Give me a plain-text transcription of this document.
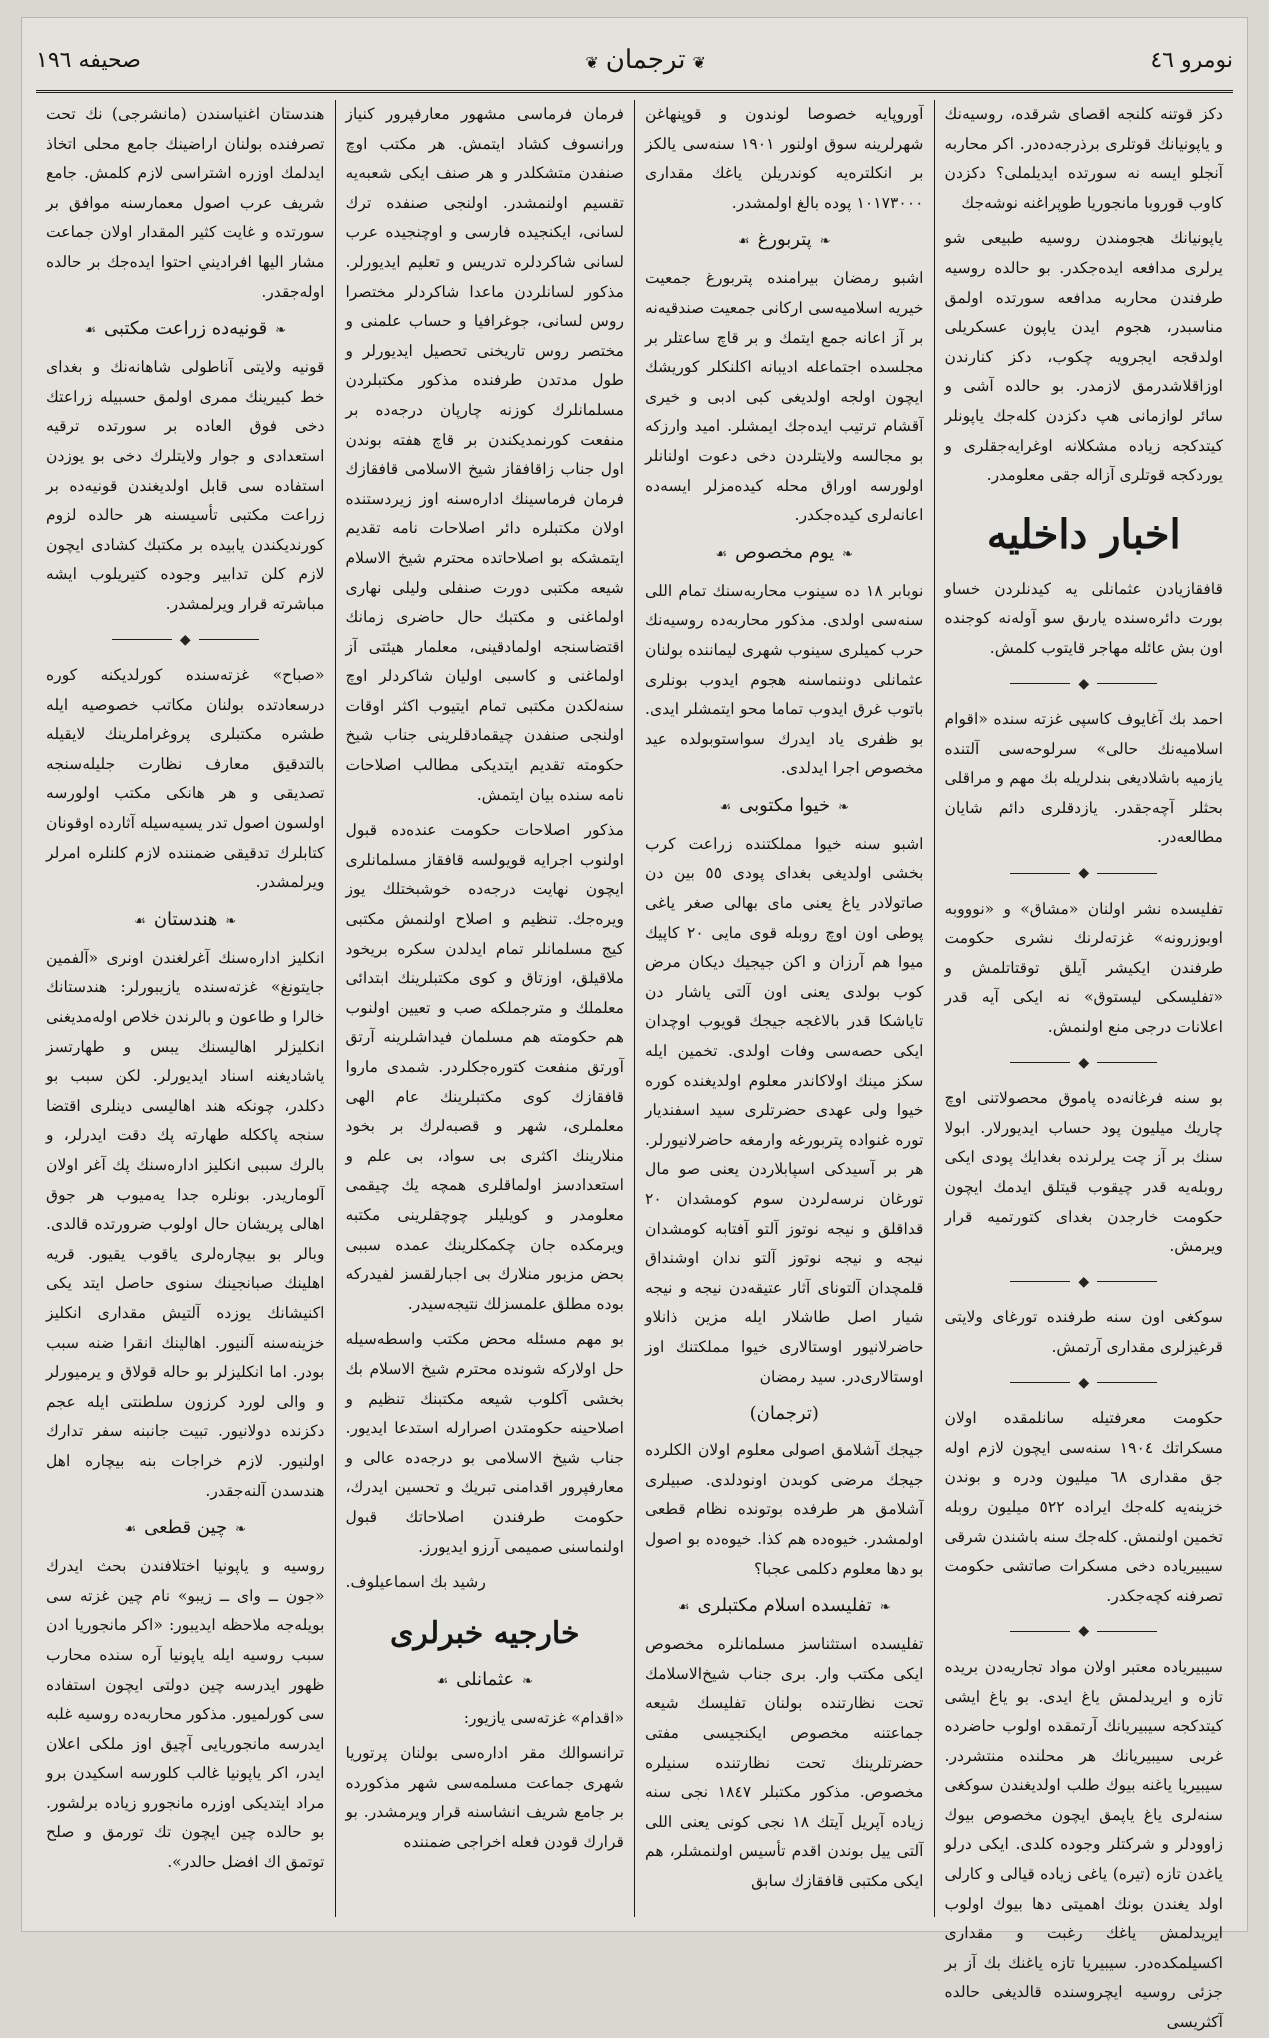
نومرو ٤٦
❦ ترجمان ❦
صحيفه ١٩٦

دكز قوتنه كلنجه اقصاى شرقده، روسيه‌نك و ياپونيانك قوتلرى برذرجه‌ده‌در. اكر محاربه آنجلو ايسه نه سورتده ايديلملى؟ دكزدن كاوب قوروبا مانجوريا طوپراغنه نوشه‌جك

ياپونيانك هجومندن روسيه طبيعى شو يرلرى مدافعه ايده‌جكدر. بو حالده روسيه طرفندن محاربه مدافعه سورتده اولمق مناسبدر، هجوم ايدن ياپون عسكريلى اولدقجه ايجرويه چكوب، دكز كنارندن اوزاقلاشدرمق لازمدر. بو حالده آشى و سائر لوازمانى هپ دكزدن كله‌جك ياپونلر كيتدكجه زياده مشكلانه اوغرايه‌جقلرى و يوردكجه قوتلرى آزاله جقى معلومدر.

اخبار داخليه

قافقازيادن عثمانلى يه كيدنلردن خساو بورت دائره‌سنده يارىق سو آوله‌نه كوجنده اون بش عائله مهاجر قايتوب كلمش.

◆

احمد بك آغايوف كاسپى غزته سنده «اقوام اسلاميه‌نك حالى» سرلوحه‌سى آلتنده يازميه باشلاديغى بندلريله بك مهم و مراقلى بحثلر آچه‌جقدر. يازدقلرى دائم شايان مطالعه‌در.

◆

تفليسده نشر اولنان «مشاق» و «نوووبه اوبوزرونه» غزته‌لرنك نشرى حكومت طرفندن ايكيشر آيلق توقتاتلمش و «تفليسكى ليستوق» نه ايكى آيه قدر اعلانات درجى منع اولنمش.

◆

بو سنه فرغانه‌ده پاموق محصولاتنى اوچ چاريك ميليون پود حساب ايديورلار. ابولا سنك بر آز چت يرلرنده بغدايك پودى ايكى روبله‌يه قدر چيقوب قيتلق ايدمك ايچون حكومت خارجدن بغداى كتورتميه قرار ويرمش.

◆

سوكغى اون سنه طرفنده تورغاى ولايتى قرغيزلرى مقدارى آرتمش.

◆

حكومت معرفتيله سانلمقده اولان مسكراتك ١٩٠٤ سنه‌سى ايچون لازم اوله جق مقدارى ٦٨ ميليون ودره و بوندن خزينه‌يه كله‌جك ايراده ٥٢٢ ميليون روبله تخمين اولنمش. كله‌جك سنه باشندن شرقى سيبيرياده دخى مسكرات صاتشى حكومت تصرفنه كچه‌جكدر.

◆

سيبيرياده معتبر اولان مواد تجاريه‌دن بريده تازه و ايريدلمش ياغ ايدى. بو ياغ ايشى كيتدكجه سيبيريانك آرتمقده اولوب حاضرده غربى سيبيريانك هر محلنده منتشردر. سيبيريا ياغنه بيوك طلب اولديغندن سوكغى سنه‌لرى ياغ ياپمق ايچون مخصوص بيوك زاوودلر و شركتلر وجوده كلدى. ايكى درلو ياغدن تازه (تيره) ياغى زياده قيالى و كارلى اولد يغندن بونك اهميتى دها بيوك اولوب ايريدلمش ياغك رغبت و مقدارى اكسيلمكده‌در. سيبيريا تازه ياغنك بك آز بر جزئى روسيه ايچروسنده قالديغى حالده آكثريسى

آوروپايه خصوصا لوندون و قوپنهاغن شهرلرينه سوق اولنور ١٩٠١ سنه‌سى يالكز بر انكلتره‌يه كوندريلن ياغك مقدارى ١٠١٧٣٠٠٠ پوده بالغ اولمشدر.

❧پتربورغ☙

اشبو رمضان بيرامنده پتربورغ جمعيت خيريه اسلاميه‌سى اركانى جمعيت صندقيه‌نه بر آز اعانه جمع ايتمك و بر قاچ ساعتلر بر مجلسده اجتماعله اديبانه اكلنكلر كوريشك ايچون اولجه اولديغى كبى ادبى و خيرى آقشام ترتيب ايده‌جك ايمشلر. اميد وارزكه بو مجالسه ولايتلردن دخى دعوت اولنانلر اولورسه اوراق محله كيده‌مزلر ايسه‌ده اعانه‌لرى كيده‌جكدر.

❧يوم مخصوص☙

نوبابر ١٨ ده سينوب محاربه‌سنك تمام اللى سنه‌سى اولدى. مذكور محاربه‌ده روسيه‌نك حرب كميلرى سينوب شهرى ليماننده بولنان عثمانلى دوننماسنه هجوم ايدوب بونلرى باتوب غرق ايدوب تماما محو ايتمشلر ايدى. بو ظفرى ياد ايدرك سواستوبولده عيد مخصوص اجرا ايدلدى.

❧خيوا مكتوبى☙

اشبو سنه خيوا مملكتنده زراعت كرب بخشى اولديغى بغداى پودى ٥٥ بين دن صاتولادر ياغ يعنى ماى بهالى صغر ياغى پوطى اون اوچ روبله قوى مايى ٢٠ كاپيك ميوا هم آرزان و اكن جيجيك ديكان مرض كوب بولدى يعنى اون آلتى ياشار دن تاياشكا قدر بالاغجه جيجك قويوب اوچدان ايكى حصه‌سى وفات اولدى. تخمين ايله سكز مينك اولاكاندر معلوم اولديغنده كوره خيوا ولى عهدى حضرتلرى سيد اسفنديار توره غنواده پتربورغه وارمغه حاضرلانيورلر. هر بر آسيدكى اسپابلاردن يعنى صو مال تورغان نرسه‌لردن سوم كومشدان ٢٠ قداقلق و نيجه نوتوز آلتو آفتابه كومشدان نيجه و نيجه نوتوز آلتو ندان اوشنداق قلمچدان آلتوناى آثار عتيقه‌دن نيجه و نيجه شيار اصل طاشلار ايله مزين ذانلاو حاضرلانيور اوستالارى خيوا مملكتنك اوز اوستالارى‌در. سيد رمضان

(ترجمان)

جيجك آشلامق اصولى معلوم اولان الكلرده جيجك مرضى كوبدن اونودلدى. صبيلرى آشلامق هر طرفده بوتونده نظام قطعى اولمشدر. خيوه‌ده هم كذا. خيوه‌ده بو اصول بو دها معلوم دكلمى عجبا؟

❧تفليسده اسلام مكتبلرى☙

تفليسده استثناسز مسلمانلره مخصوص ايكى مكتب وار. برى جناب شيخ‌الاسلامك تحت نظارتنده بولنان تفليسك شيعه جماعتنه مخصوص ايكنجيسى مفتى حضرتلرينك تحت نظارتنده سنيلره مخصوص. مذكور مكتبلر ١٨٤٧ نجى سنه زياده آپريل آيتك ١٨ نجى كونى يعنى اللى آلتى ييل بوندن اقدم تأسيس اولنمشلر، هم ايكى مكتبى قافقازك سابق

فرمان فرماسى مشهور معارفپرور كنياز ورانسوف كشاد ايتمش. هر مكتب اوچ صنفدن متشكلدر و هر صنف ايكى شعبه‌يه تقسيم اولنمشدر. اولنجى صنفده ترك لسانى، ايكنجيده فارسى و اوچنجيده عرب لسانى شاكردلره تدريس و تعليم ايديورلر. مذكور لسانلردن ماعدا شاكردلر مختصرا روس لسانى، جوغرافيا و حساب علمنى و مختصر روس تاريخنى تحصيل ايديورلر و طول مدتدن طرفنده مذكور مكتبلردن مسلمانلرك كوزنه چارپان درجه‌ده بر منفعت كورنمديكندن بر قاچ هفته بوندن اول جناب زاقافقاز شيخ الاسلامى قافقازك فرمان فرماسينك اداره‌سنه اوز زيردستنده اولان مكتبلره دائر اصلاحات نامه تقديم ايتمشكه بو اصلاحاتده محترم شيخ الاسلام شيعه مكتبى دورت صنفلى وليلى نهارى اولماغنى و مكتبك حال حاضرى زمانك اقتضاسنجه اولمادقينى، معلمار هيئتى آز اولماغنى و كاسبى اوليان شاكردلر اوچ سنه‌لكدن مكتبى تمام ايتيوب اكثر اوقات اولنجى صنفدن چيقمادقلرينى جناب شيخ حكومته تقديم ايتديكى مطالب اصلاحات نامه سنده بيان ايتمش.

مذكور اصلاحات حكومت عنده‌ده قبول اولنوب اجرايه قويولسه قافقاز مسلمانلرى ايچون نهايت درجه‌ده خوشبختلك يوز ويره‌جك. تنظيم و اصلاح اولنمش مكتبى كيج مسلمانلر تمام ايدلدن سكره بريخود ملاقيلق، اوزتاق و كوى مكتبلرينك ابتدائى معلملك و مترجملكه صب و تعيين اولنوب هم حكومته هم مسلمان فيداشلرينه آرتق آورتق منفعت كتوره‌جكلردر. شمدى ماروا قافقازك كوى مكتبلرينك عام الهى معلملرى، شهر و قصبه‌لرك بر بخود منلارينك اكثرى بى سواد، بى علم و استعدادسز اولماقلرى همچه يك چيقمى معلومدر و كويليلر چوچقلرينى مكتبه ويرمكده جان چكمكلرينك عمده سببى بحض مزبور منلارك بى اجبارلقسز لفيدركه بوده مطلق علمسزلك نتيجه‌سيدر.

بو مهم مسئله محض مكتب واسطه‌سيله حل اولاركه شونده محترم شيخ الاسلام بك بخشى آكلوب شيعه مكتبنك تنظيم و اصلاحينه حكومتدن اصرارله استدعا ايديور. جناب شيخ الاسلامى بو درجه‌ده عالى و معارفپرور اقدامنى تبريك و تحسين ايدرك، حكومت طرفندن اصلاحاتك قبول اولنماسنى صميمى آرزو ايديورز.

رشيد بك اسماعيلوف.

خارجيه خبرلرى
❧عثمانلى☙

«اقدام» غزته‌سى يازيور:

ترانسوالك مقر اداره‌سى بولنان پرتوريا شهرى جماعت مسلمه‌سى شهر مذكورده بر جامع شريف انشاسنه قرار ويرمشدر. بو قرارك قودن فعله اخراجى ضمننده

هندستان اغنياسندن (مانشرجى) نك تحت تصرفنده بولنان اراضينك جامع محلى اتخاذ ايدلمك اوزره اشتراسى لازم كلمش. جامع شريف عرب اصول معمارسنه موافق بر سورتده و غايت كثير المقدار اولان جماعت مشار اليها افراديني احتوا ايده‌جك بر حالده اوله‌جقدر.

❧قونيه‌ده زراعت مكتبى☙

قونيه ولايتى آناطولى شاهانه‌نك و بغداى خط كبيرينك ممرى اولمق حسبيله زراعتك دخى فوق العاده بر سورتده ترقيه استعدادى و جوار ولايتلرك دخى بو يوزدن استفاده سى قابل اولديغندن قونيه‌ده بر زراعت مكتبى تأسيسنه هر حالده لزوم كورنديكندن يابيده بر مكتبك كشادى ايچون لازم كلن تدابير وجوده كتيريلوب ايشه مباشرته قرار ويرلمشدر.

◆

«صباح» غزته‌سنده كورلديكنه كوره درسعادتده بولنان مكاتب خصوصيه ايله طشره مكتبلرى پروغراملرينك لايقيله بالتدقيق معارف نظارت جليله‌سنجه تصديقى و هر هانكى مكتب اولورسه اولسون اصول تدر يسيه‌سيله آثارده اوقونان كتابلرك تدقيقى ضمننده لازم كلنلره امرلر ويرلمشدر.

❧هندستان☙

انكليز اداره‌سنك آغرلغندن اونرى «آلفمين جايتونغ» غزته‌سنده يازيبورلر: هندستانك خالرا و طاعون و بالرندن خلاص اوله‌مديغنى انكليزلر اهاليسنك يبس و طهارتسز ياشاديغنه اسناد ايديورلر. لكن سبب بو دكلدر، چونكه هند اهاليسى دينلرى اقتضا سنجه پاككله طهارته پك دقت ايدرلر، و بالرك سببى انكليز اداره‌سنك پك آغر اولان آلوماريدر. بونلره جدا يه‌ميوب هر جوق اهالى پريشان حال اولوب ضرورتده قالدى. وبالر بو بيچاره‌لرى ياقوب يقيور. قريه اهلينك صبانجينك سنوى حاصل ايتد يكى اكنيشانك يوزده آلتيش مقدارى انكليز خزينه‌سنه آلنيور. اهالينك انقرا ضنه سبب بودر. اما انكليزلر بو حاله قولاق و يرميورلر و والى لورد كرزون سلطنتى ايله عجم دكزنده دولانيور. تبيت جانبنه سفر تدارك اولنيور. لازم خراجات بنه بيچاره اهل هندسدن آلنه‌جقدر.

❧چين قطعى☙

روسيه و ياپونيا اختلافندن بحث ايدرك «جون ــ واى ــ زيبو» نام چين غزته سى بويله‌جه ملاحظه ايديبور: «اكر مانجوريا ادن سبب روسيه ايله ياپونيا آره سنده محارب ظهور ايدرسه چين دولتى ايچون استفاده سى كورلميور. مذكور محاربه‌ده روسيه غلبه ايدرسه مانجوريايى آچيق اوز ملكى اعلان ايدر، اكر ياپونيا غالب كلورسه اسكيدن برو مراد ايتديكى اوزره مانجورو زياده برلشور. بو حالده چين ايچون تك تورمق و صلح توتمق اك افضل حالدر».
